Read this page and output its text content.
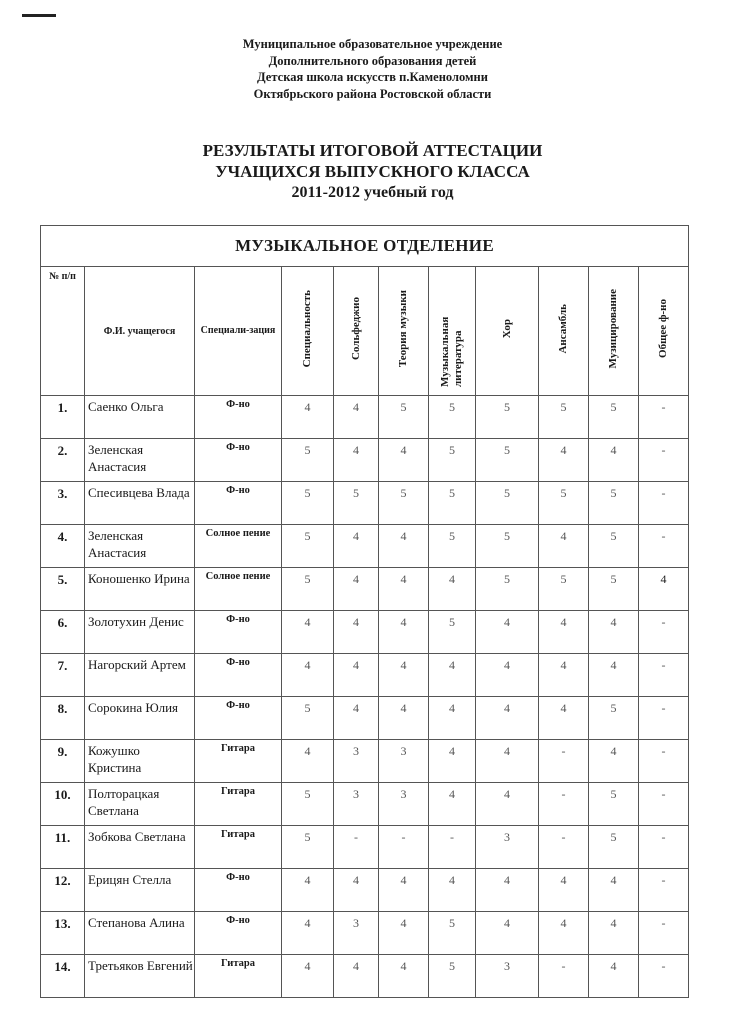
Муниципальное образовательное учреждение
Дополнительного образования детей
Детская школа искусств п.Каменоломни
Октябрьского района Ростовской области
РЕЗУЛЬТАТЫ ИТОГОВОЙ АТТЕСТАЦИИ
УЧАЩИХСЯ ВЫПУСКНОГО КЛАССА
2011-2012 учебный год
МУЗЫКАЛЬНОЕ ОТДЕЛЕНИЕ										
№ п/п	Ф.И. учащегося	Специали-зация	Специальность	Сольфеджио	Теория музыки	Музыкальная литература	Хор	Ансамбль	Музицирование	Общее ф-но
1.	Саенко Ольга	Ф-но	4	4	5	5	5	5	5	-
2.	Зеленская Анастасия	Ф-но	5	4	4	5	5	4	4	-
3.	Спесивцева Влада	Ф-но	5	5	5	5	5	5	5	-
4.	Зеленская Анастасия	Солное пение	5	4	4	5	5	4	5	-
5.	Коношенко Ирина	Солное пение	5	4	4	4	5	5	5	4
6.	Золотухин Денис	Ф-но	4	4	4	5	4	4	4	-
7.	Нагорский Артем	Ф-но	4	4	4	4	4	4	4	-
8.	Сорокина Юлия	Ф-но	5	4	4	4	4	4	5	-
9.	Кожушко Кристина	Гитара	4	3	3	4	4	-	4	-
10.	Полторацкая Светлана	Гитара	5	3	3	4	4	-	5	-
11.	Зобкова Светлана	Гитара	5	-	-	-	3	-	5	-
12.	Ерицян Стелла	Ф-но	4	4	4	4	4	4	4	-
13.	Степанова Алина	Ф-но	4	3	4	5	4	4	4	-
14.	Третьяков Евгений	Гитара	4	4	4	5	3	-	4	-
